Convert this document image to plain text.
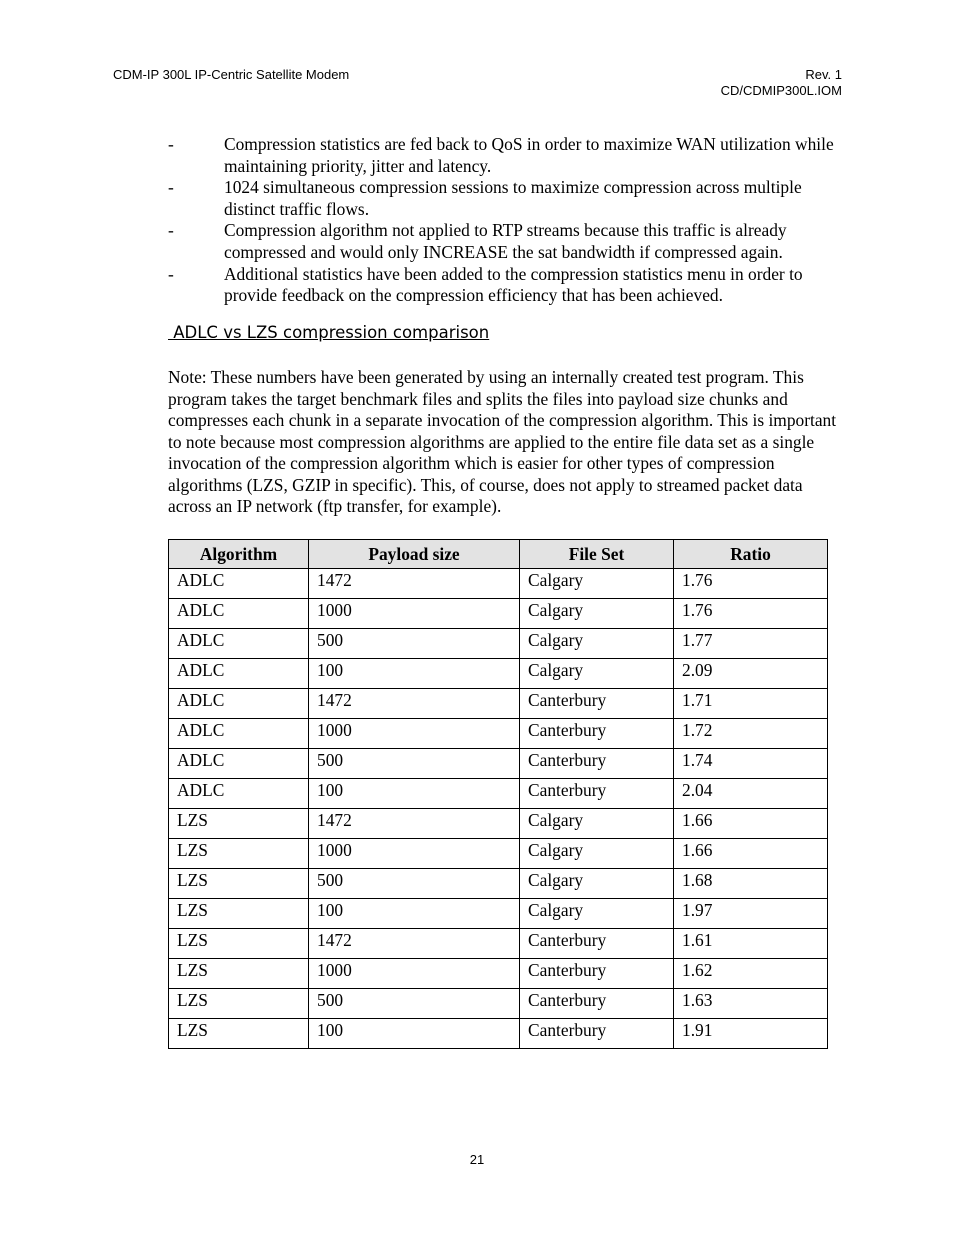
CDM-IP 300L IP-Centric Satellite Modem	Rev. 1
CD/CDMIP300L.IOM
-	Compression statistics are fed back to QoS in order to maximize WAN utilization while maintaining priority, jitter and latency.
-	1024 simultaneous compression sessions to maximize compression across multiple distinct traffic flows.
-	Compression algorithm not applied to RTP streams because this traffic is already compressed and would only INCREASE the sat bandwidth if compressed again.
-	Additional statistics have been added to the compression statistics menu in order to provide feedback on the compression efficiency that has been achieved.
ADLC vs LZS compression comparison

Note: These numbers have been generated by using an internally created test program. This program takes the target benchmark files and splits the files into payload size chunks and compresses each chunk in a separate invocation of the compression algorithm. This is important to note because most compression algorithms are applied to the entire file data set as a single invocation of the compression algorithm which is easier for other types of compression algorithms (LZS, GZIP in specific). This, of course, does not apply to streamed packet data across an IP network (ftp transfer, for example).

Algorithm	Payload size	File Set	Ratio
ADLC	1472	Calgary	1.76
ADLC	1000	Calgary	1.76
ADLC	500	Calgary	1.77
ADLC	100	Calgary	2.09
ADLC	1472	Canterbury	1.71
ADLC	1000	Canterbury	1.72
ADLC	500	Canterbury	1.74
ADLC	100	Canterbury	2.04
LZS	1472	Calgary	1.66
LZS	1000	Calgary	1.66
LZS	500	Calgary	1.68
LZS	100	Calgary	1.97
LZS	1472	Canterbury	1.61
LZS	1000	Canterbury	1.62
LZS	500	Canterbury	1.63
LZS	100	Canterbury	1.91
21
